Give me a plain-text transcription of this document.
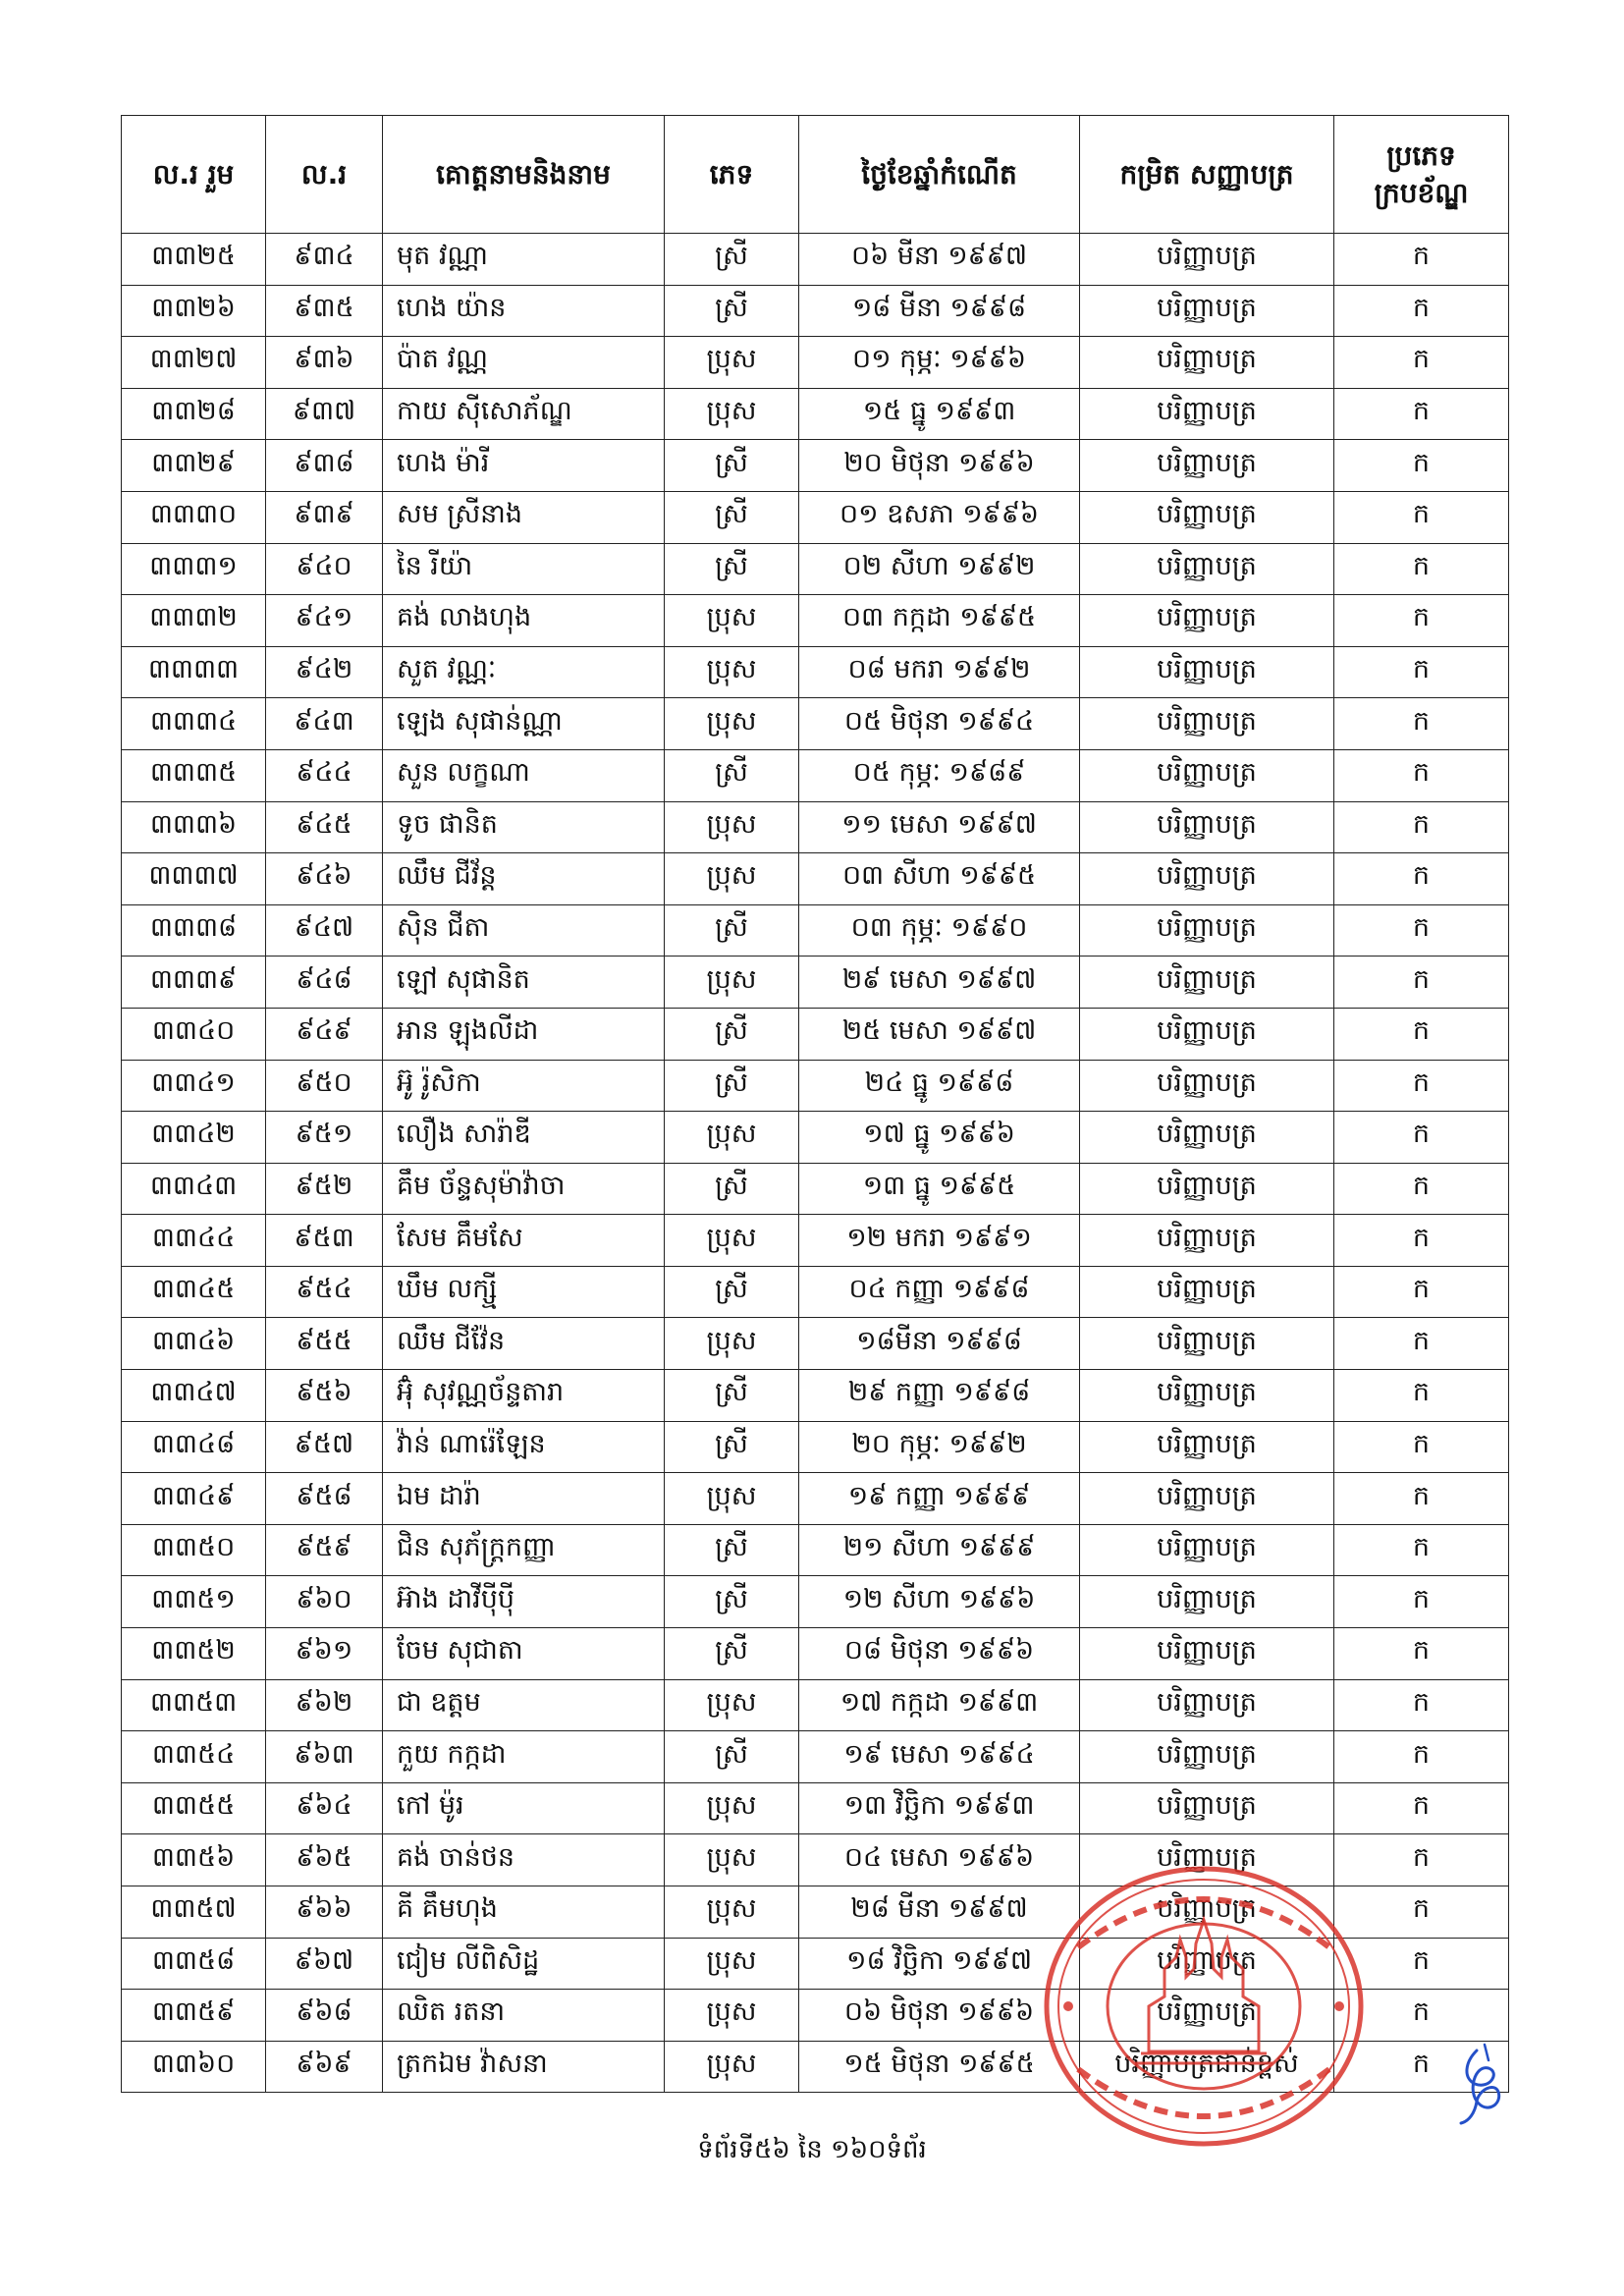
ល.រ រួម	ល.រ	គោត្តនាមនិងនាម	ភេទ	ថ្ងៃខែឆ្នាំកំណើត	កម្រិត សញ្ញាបត្រ	ប្រភេទ ក្របខ័ណ្ឌ
៣៣២៥	៩៣៤	មុត វណ្ណា	ស្រី	០៦ មីនា ១៩៩៧	បរិញ្ញាបត្រ	ក
៣៣២៦	៩៣៥	ហេង យ៉ាន	ស្រី	១៨ មីនា ១៩៩៨	បរិញ្ញាបត្រ	ក
៣៣២៧	៩៣៦	ប៉ាត វណ្ណ	ប្រុស	០១ កុម្ភៈ ១៩៩៦	បរិញ្ញាបត្រ	ក
៣៣២៨	៩៣៧	កាយ ស៊ីសោភ័ណ្ឌ	ប្រុស	១៥ ធ្នូ ១៩៩៣	បរិញ្ញាបត្រ	ក
៣៣២៩	៩៣៨	ហេង ម៉ារី	ស្រី	២០ មិថុនា ១៩៩៦	បរិញ្ញាបត្រ	ក
៣៣៣០	៩៣៩	សម ស្រីនាង	ស្រី	០១ ឧសភា ១៩៩៦	បរិញ្ញាបត្រ	ក
៣៣៣១	៩៤០	នៃ រីយ៉ា	ស្រី	០២ សីហា ១៩៩២	បរិញ្ញាបត្រ	ក
៣៣៣២	៩៤១	គង់ លាងហុង	ប្រុស	០៣ កក្កដា ១៩៩៥	បរិញ្ញាបត្រ	ក
៣៣៣៣	៩៤២	សួត វណ្ណៈ	ប្រុស	០៨ មករា ១៩៩២	បរិញ្ញាបត្រ	ក
៣៣៣៤	៩៤៣	ឡេង សុផាន់ណ្ណា	ប្រុស	០៥ មិថុនា ១៩៩៤	បរិញ្ញាបត្រ	ក
៣៣៣៥	៩៤៤	សួន លក្ខណា	ស្រី	០៥ កុម្ភៈ ១៩៨៩	បរិញ្ញាបត្រ	ក
៣៣៣៦	៩៤៥	ទូច ផានិត	ប្រុស	១១ មេសា ១៩៩៧	បរិញ្ញាបត្រ	ក
៣៣៣៧	៩៤៦	ឈឹម ជីវ័ន្ត	ប្រុស	០៣ សីហា ១៩៩៥	បរិញ្ញាបត្រ	ក
៣៣៣៨	៩៤៧	ស៊ិន ជីតា	ស្រី	០៣ កុម្ភៈ ១៩៩០	បរិញ្ញាបត្រ	ក
៣៣៣៩	៩៤៨	ឡៅ សុផានិត	ប្រុស	២៩ មេសា ១៩៩៧	បរិញ្ញាបត្រ	ក
៣៣៤០	៩៤៩	អាន ឡុងលីដា	ស្រី	២៥ មេសា ១៩៩៧	បរិញ្ញាបត្រ	ក
៣៣៤១	៩៥០	អ៊ូ រ៉ូសិកា	ស្រី	២៤ ធ្នូ ១៩៩៨	បរិញ្ញាបត្រ	ក
៣៣៤២	៩៥១	លឿង សារ៉ាឌី	ប្រុស	១៧ ធ្នូ ១៩៩៦	បរិញ្ញាបត្រ	ក
៣៣៤៣	៩៥២	គឹម ច័ន្ទសុម៉ាវ៉ាចា	ស្រី	១៣ ធ្នូ ១៩៩៥	បរិញ្ញាបត្រ	ក
៣៣៤៤	៩៥៣	សែម គឹមសែ	ប្រុស	១២ មករា ១៩៩១	បរិញ្ញាបត្រ	ក
៣៣៤៥	៩៥៤	ឃឹម លក្ស្មី	ស្រី	០៤ កញ្ញា ១៩៩៨	បរិញ្ញាបត្រ	ក
៣៣៤៦	៩៥៥	ឈឹម ជីវ៉ែន	ប្រុស	១៨មីនា ១៩៩៨	បរិញ្ញាបត្រ	ក
៣៣៤៧	៩៥៦	អ៊ុំ សុវណ្ណច័ន្ទតារា	ស្រី	២៩ កញ្ញា ១៩៩៨	បរិញ្ញាបត្រ	ក
៣៣៤៨	៩៥៧	វ៉ាន់ ណារ៉េឡែន	ស្រី	២០ កុម្ភៈ ១៩៩២	បរិញ្ញាបត្រ	ក
៣៣៤៩	៩៥៨	ឯម ដារ៉ា	ប្រុស	១៩ កញ្ញា ១៩៩៩	បរិញ្ញាបត្រ	ក
៣៣៥០	៩៥៩	ជិន សុភ័ក្រ្តកញ្ញា	ស្រី	២១ សីហា ១៩៩៩	បរិញ្ញាបត្រ	ក
៣៣៥១	៩៦០	អ៊ាង ដាវីប៉ីប៉ី	ស្រី	១២ សីហា ១៩៩៦	បរិញ្ញាបត្រ	ក
៣៣៥២	៩៦១	ចែម សុជាតា	ស្រី	០៨ មិថុនា ១៩៩៦	បរិញ្ញាបត្រ	ក
៣៣៥៣	៩៦២	ជា ឧត្តម	ប្រុស	១៧ កក្កដា ១៩៩៣	បរិញ្ញាបត្រ	ក
៣៣៥៤	៩៦៣	កួយ កក្កដា	ស្រី	១៩ មេសា ១៩៩៤	បរិញ្ញាបត្រ	ក
៣៣៥៥	៩៦៤	កៅ ម៉ូរ	ប្រុស	១៣ វិច្ឆិកា ១៩៩៣	បរិញ្ញាបត្រ	ក
៣៣៥៦	៩៦៥	គង់ ចាន់ថន	ប្រុស	០៤ មេសា ១៩៩៦	បរិញ្ញាបត្រ	ក
៣៣៥៧	៩៦៦	គី គឹមហុង	ប្រុស	២៨ មីនា ១៩៩៧	បរិញ្ញាបត្រ	ក
៣៣៥៨	៩៦៧	ជៀម លីពិសិដ្ឋ	ប្រុស	១៨ វិច្ឆិកា ១៩៩៧	បរិញ្ញាបត្រ	ក
៣៣៥៩	៩៦៨	ឈិត រតនា	ប្រុស	០៦ មិថុនា ១៩៩៦	បរិញ្ញាបត្រ	ក
៣៣៦០	៩៦៩	ត្រកឯម វ៉ាសនា	ប្រុស	១៥ មិថុនា ១៩៩៥	បរិញ្ញាបត្រជាន់ខ្ពស់	ក
ទំព័រទី៥៦ នៃ ១៦០ទំព័រ
